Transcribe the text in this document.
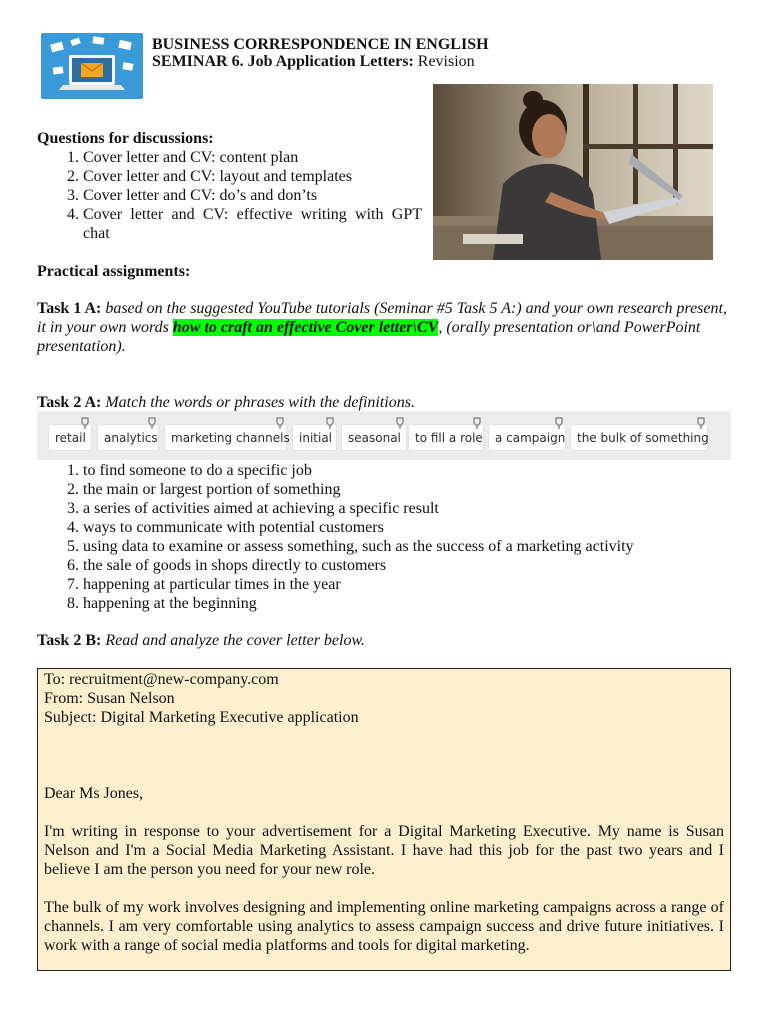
BUSINESS CORRESPONDENCE IN ENGLISH
SEMINAR 6. Job Application Letters: Revision
Questions for discussions:
1. Cover letter and CV: content plan
2. Cover letter and CV: layout and templates
3. Cover letter and CV: do’s and don’ts
4. Cover letter and CV: effective writing with GPT chat
Practical assignments:
Task 1 A: based on the suggested YouTube tutorials (Seminar #5 Task 5 A:) and your own research present, it in your own words how to craft an effective Cover letter\CV, (orally presentation or\and PowerPoint presentation).
Task 2 A: Match the words or phrases with the definitions.
retail	analytics	marketing channels initial	seasonal	to fill a role	a campaign the bulk of something
1. to find someone to do a specific job
2. the main or largest portion of something
3. a series of activities aimed at achieving a specific result
4. ways to communicate with potential customers
5. using data to examine or assess something, such as the success of a marketing activity
6. the sale of goods in shops directly to customers
7. happening at particular times in the year
8. happening at the beginning
Task 2 B: Read and analyze the cover letter below.

To: recruitment@new-company.com

From: Susan Nelson

Subject: Digital Marketing Executive application

Dear Ms Jones,

I'm writing in response to your advertisement for a Digital Marketing Executive. My name is Susan Nelson and I'm a Social Media Marketing Assistant. I have had this job for the past two years and I believe I am the person you need for your new role.

The bulk of my work involves designing and implementing online marketing campaigns across a range of channels. I am very comfortable using analytics to assess campaign success and drive future initiatives. I work with a range of social media platforms and tools for digital marketing.
